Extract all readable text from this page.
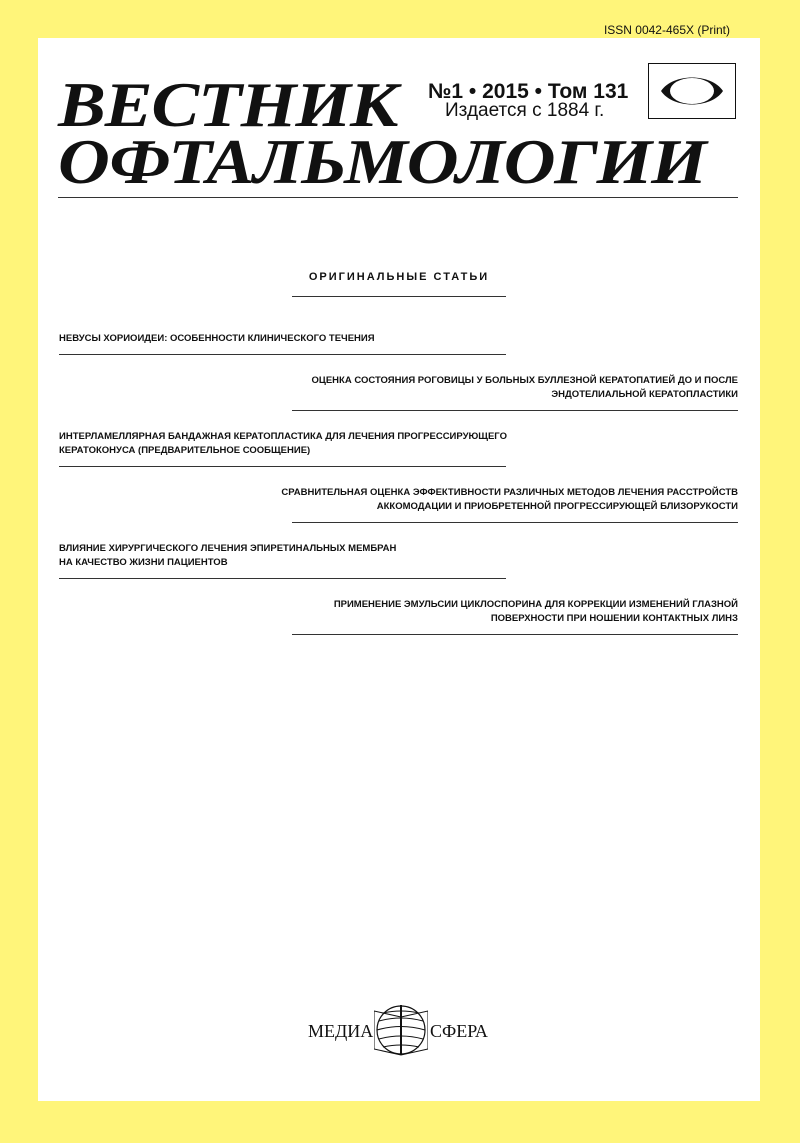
ISSN 0042-465X (Print)
ВЕСТНИК
ОФТАЛЬМОЛОГИИ
№1 • 2015 • Том 131
Издается с 1884 г.
ОРИГИНАЛЬНЫЕ СТАТЬИ
НЕВУСЫ ХОРИОИДЕИ: ОСОБЕННОСТИ КЛИНИЧЕСКОГО ТЕЧЕНИЯ
ОЦЕНКА СОСТОЯНИЯ РОГОВИЦЫ У БОЛЬНЫХ БУЛЛЕЗНОЙ КЕРАТОПАТИЕЙ ДО И ПОСЛЕ
ЭНДОТЕЛИАЛЬНОЙ КЕРАТОПЛАСТИКИ
ИНТЕРЛАМЕЛЛЯРНАЯ БАНДАЖНАЯ КЕРАТОПЛАСТИКА ДЛЯ ЛЕЧЕНИЯ ПРОГРЕССИРУЮЩЕГО
КЕРАТОКОНУСА (ПРЕДВАРИТЕЛЬНОЕ СООБЩЕНИЕ)
СРАВНИТЕЛЬНАЯ ОЦЕНКА ЭФФЕКТИВНОСТИ РАЗЛИЧНЫХ МЕТОДОВ ЛЕЧЕНИЯ РАССТРОЙСТВ
АККОМОДАЦИИ И ПРИОБРЕТЕННОЙ ПРОГРЕССИРУЮЩЕЙ БЛИЗОРУКОСТИ
ВЛИЯНИЕ ХИРУРГИЧЕСКОГО ЛЕЧЕНИЯ ЭПИРЕТИНАЛЬНЫХ МЕМБРАН
НА КАЧЕСТВО ЖИЗНИ ПАЦИЕНТОВ
ПРИМЕНЕНИЕ ЭМУЛЬСИИ ЦИКЛОСПОРИНА ДЛЯ КОРРЕКЦИИ ИЗМЕНЕНИЙ ГЛАЗНОЙ
ПОВЕРХНОСТИ ПРИ НОШЕНИИ КОНТАКТНЫХ ЛИНЗ
МЕДИА	СФЕРА
